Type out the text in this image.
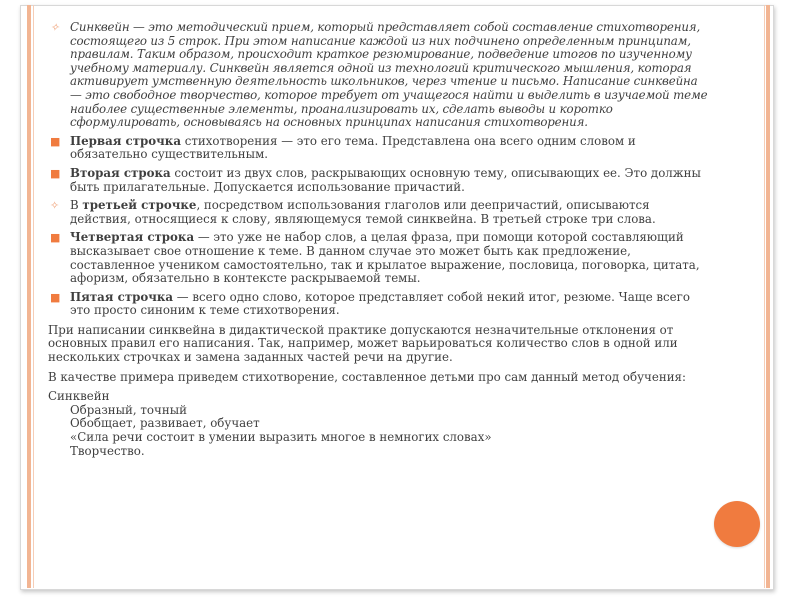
✧ Синквейн — это методический прием, который представляет собой составление стихотворения, состоящего из 5 строк. При этом написание каждой из них подчинено определенным принципам, правилам. Таким образом, происходит краткое резюмирование, подведение итогов по изученному учебному материалу. Синквейн является одной из технологий критического мышления, которая активирует умственную деятельность школьников, через чтение и письмо. Написание синквейна — это свободное творчество, которое требует от учащегося найти и выделить в изучаемой теме наиболее существенные элементы, проанализировать их, сделать выводы и коротко сформулировать, основываясь на основных принципах написания стихотворения.

■ Первая строчка стихотворения — это его тема. Представлена она всего одним словом и обязательно существительным.

■ Вторая строка состоит из двух слов, раскрывающих основную тему, описывающих ее. Это должны быть прилагательные. Допускается использование причастий.

✧ В третьей строчке, посредством использования глаголов или деепричастий, описываются действия, относящиеся к слову, являющемуся темой синквейна. В третьей строке три слова.

■ Четвертая строка — это уже не набор слов, а целая фраза, при помощи которой составляющий высказывает свое отношение к теме. В данном случае это может быть как предложение, составленное учеником самостоятельно, так и крылатое выражение, пословица, поговорка, цитата, афоризм, обязательно в контексте раскрываемой темы.

■ Пятая строчка — всего одно слово, которое представляет собой некий итог, резюме. Чаще всего это просто синоним к теме стихотворения.

При написании синквейна в дидактической практике допускаются незначительные отклонения от основных правил его написания. Так, например, может варьироваться количество слов в одной или нескольких строчках и замена заданных частей речи на другие.

В качестве примера приведем стихотворение, составленное детьми про сам данный метод обучения:

Синквейн

Образный, точный

Обобщает, развивает, обучает

«Сила речи состоит в умении выразить многое в немногих словах»

Творчество.
